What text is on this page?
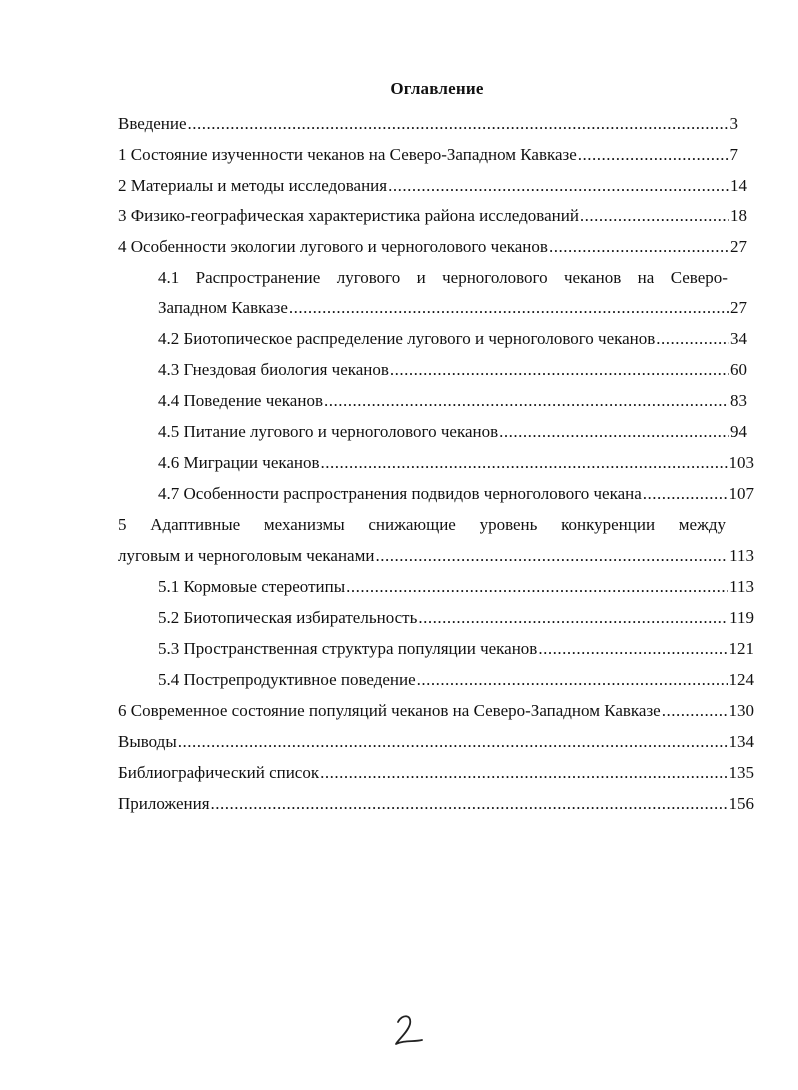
Оглавление
Введение .....	3
1 Состояние изученности чеканов на Северо-Западном Кавказе .....	7
2 Материалы и методы исследования .....	14
3 Физико-географическая характеристика района исследований .....	18
4 Особенности экологии лугового и черноголового чеканов .....	27
4.1 Распространение лугового и черноголового чеканов на Северо-
Западном Кавказе .....	27
4.2 Биотопическое распределение лугового и черноголового чеканов .....	34
4.3 Гнездовая биология чеканов .....	60
4.4 Поведение чеканов .....	83
4.5 Питание лугового и черноголового чеканов .....	94
4.6 Миграции чеканов .....	103
4.7 Особенности распространения подвидов черноголового чекана .....	107
5 Адаптивные механизмы снижающие уровень конкуренции между
луговым и черноголовым чеканами .....	113
5.1 Кормовые стереотипы .....	113
5.2 Биотопическая избирательность .....	119
5.3 Пространственная структура популяции чеканов .....	121
5.4 Пострепродуктивное поведение .....	124
6 Современное состояние популяций чеканов на Северо-Западном Кавказе .....	130
Выводы .....	134
Библиографический список .....	135
Приложения .....	156
